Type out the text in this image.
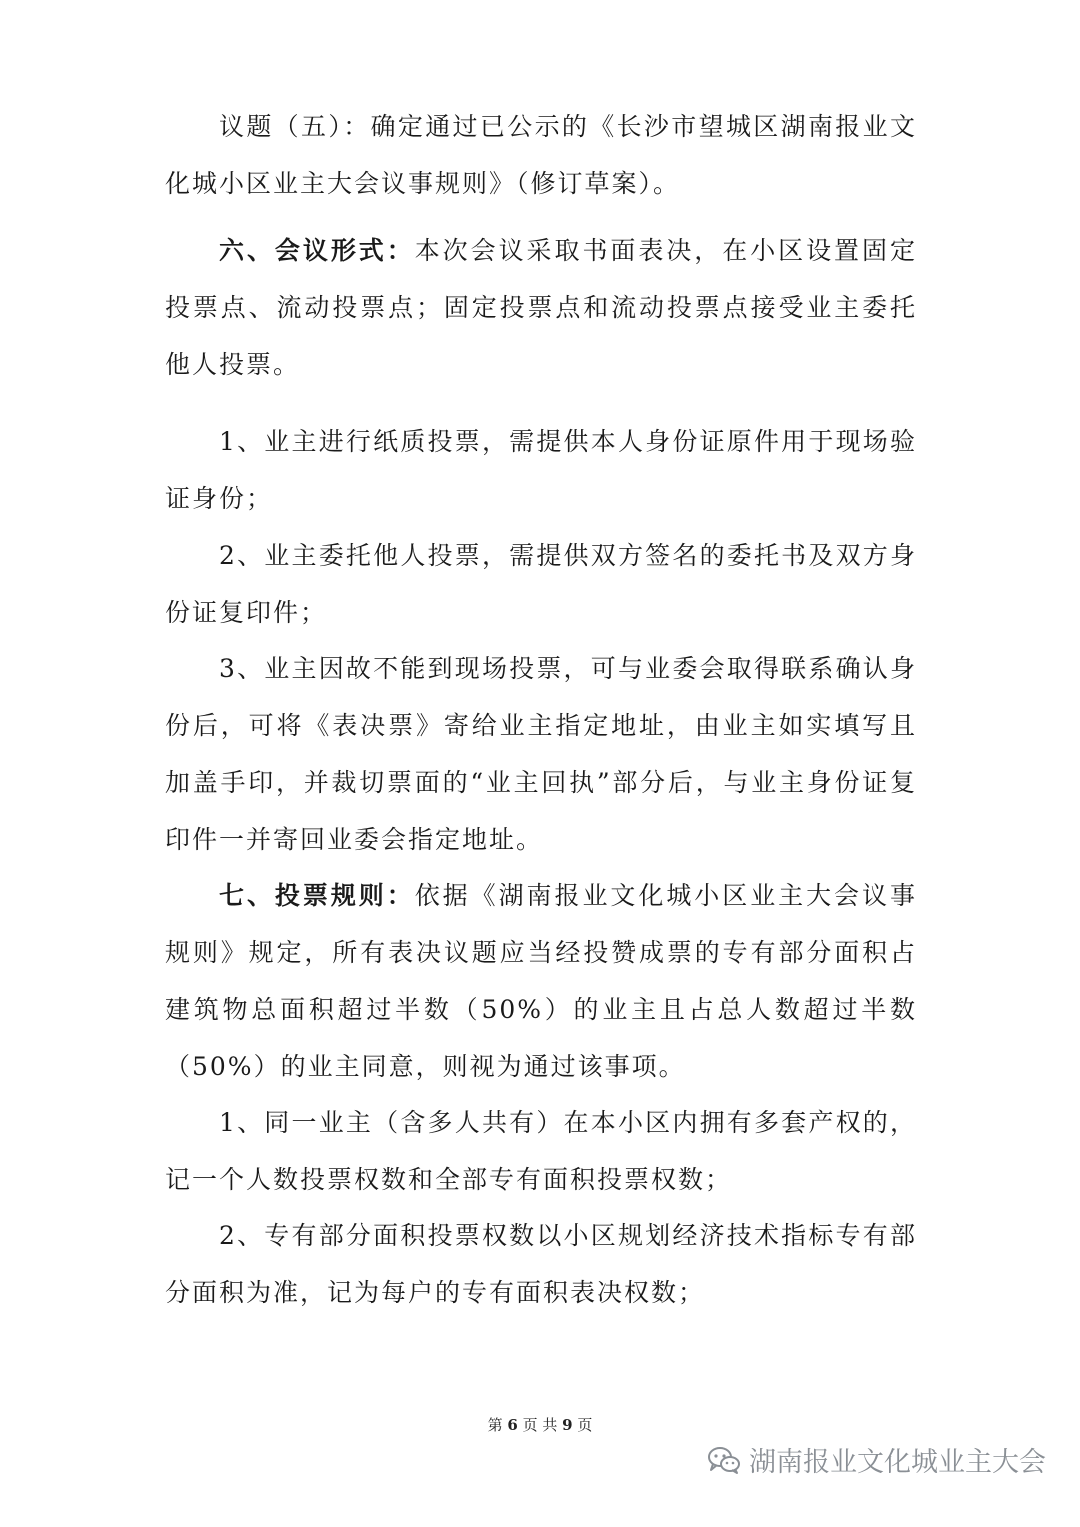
议题（五）：确定通过已公示的《长沙市望城区湖南报业文化城小区业主大会议事规则》（修订草案）。

六、会议形式：本次会议采取书面表决，在小区设置固定投票点、流动投票点；固定投票点和流动投票点接受业主委托他人投票。

1、业主进行纸质投票，需提供本人身份证原件用于现场验证身份；

2、业主委托他人投票，需提供双方签名的委托书及双方身份证复印件；

3、业主因故不能到现场投票，可与业委会取得联系确认身份后，可将《表决票》寄给业主指定地址，由业主如实填写且加盖手印，并裁切票面的“业主回执”部分后，与业主身份证复印件一并寄回业委会指定地址。

七、投票规则：依据《湖南报业文化城小区业主大会议事规则》规定，所有表决议题应当经投赞成票的专有部分面积占建筑物总面积超过半数（50%）的业主且占总人数超过半数（50%）的业主同意，则视为通过该事项。

1、同一业主（含多人共有）在本小区内拥有多套产权的，记一个人数投票权数和全部专有面积投票权数；

2、专有部分面积投票权数以小区规划经济技术指标专有部分面积为准，记为每户的专有面积表决权数；

第 6 页 共 9 页
湖南报业文化城业主大会
